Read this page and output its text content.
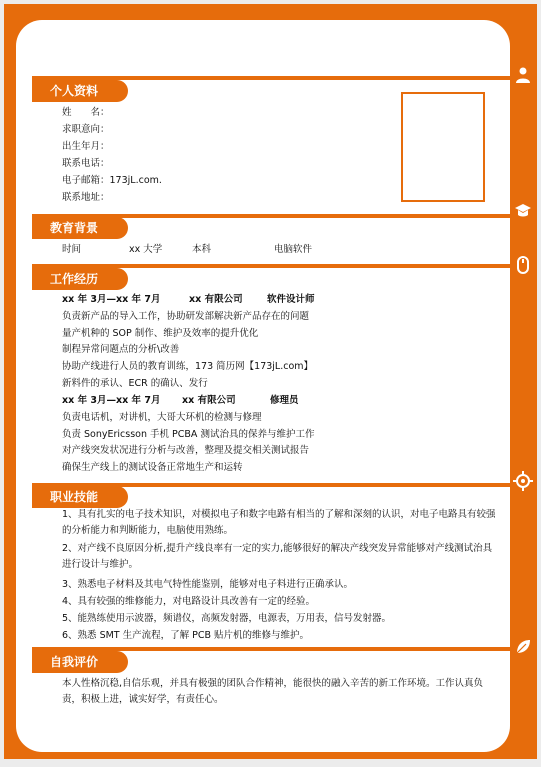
个人资料
姓　　名：
求职意向：
出生年月：
联系电话：
电子邮箱：173jL.com.
联系地址：
教育背景
时间	xx 大学	本科	电脑软件
工作经历
xx 年 3月—xx 年 7月	xx 有限公司	软件设计师
负责新产品的导入工作，协助研发部解决新产品存在的问题
量产机种的 SOP 制作、维护及效率的提升优化
制程异常问题点的分析\改善
协助产线进行人员的教育训练，173 简历网【173jL.com】
新料件的承认、ECR 的确认、发行
xx 年 3月—xx 年 7月 xx 有限公司	修理员
负责电话机，对讲机，大哥大环机的检测与修理
负责 SonyEricsson 手机 PCBA 测试治具的保养与维护工作
对产线突发状况进行分析与改善，整理及提交相关测试报告
确保生产线上的测试设备正常地生产和运转
职业技能
1、具有扎实的电子技术知识，对模拟电子和数字电路有相当的了解和深刻的认识，对电子电路具有较强的分析能力和判断能力，电脑使用熟练。
2、对产线不良原因分析,提升产线良率有一定的实力,能够很好的解决产线突发异常能够对产线测试治具进行设计与维护。
3、熟悉电子材料及其电气特性能鉴别，能够对电子料进行正确承认。
4、具有较强的维修能力，对电路设计具改善有一定的经验。
5、能熟练使用示波器，频谱仪，高频发射器，电源表，万用表，信号发射器。
自我评价
本人性格沉稳,自信乐观，并具有极强的团队合作精神，能很快的融入辛苦的新工作环境。工作认真负责，积极上进，诚实好学，有责任心。
6、熟悉 SMT 生产流程，了解 PCB 贴片机的维修与维护。
